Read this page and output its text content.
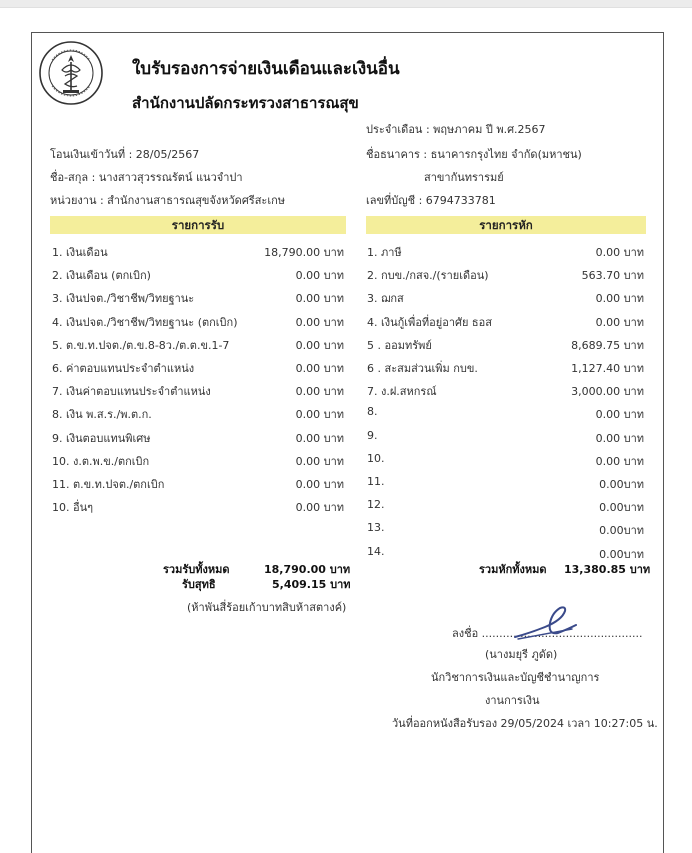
ใบรับรองการจ่ายเงินเดือนและเงินอื่น
สำนักงานปลัดกระทรวงสาธารณสุข
ประจำเดือน : พฤษภาคม ปี พ.ศ.2567
โอนเงินเข้าวันที่ : 28/05/2567	ชื่อธนาคาร : ธนาคารกรุงไทย จำกัด(มหาชน)
ชื่อ-สกุล : นางสาวสุวรรณรัตน์ แนวจำปา	สาขากันทรารมย์
หน่วยงาน : สำนักงานสาธารณสุขจังหวัดศรีสะเกษ	เลขที่บัญชี : 6794733781
รายการรับ	รายการหัก
1. เงินเดือน	18,790.00 บาท
2. เงินเดือน (ตกเบิก)	0.00 บาท
3. เงินปจต./วิชาชีพ/วิทยฐานะ	0.00 บาท
4. เงินปจต./วิชาชีพ/วิทยฐานะ (ตกเบิก)	0.00 บาท
5. ต.ข.ท.ปจต./ต.ข.8-8ว./ต.ต.ข.1-7	0.00 บาท
6. ค่าตอบแทนประจำตำแหน่ง	0.00 บาท
7. เงินค่าตอบแทนประจำตำแหน่ง	0.00 บาท
8. เงิน พ.ส.ร./พ.ต.ก.	0.00 บาท
9. เงินตอบแทนพิเศษ	0.00 บาท
10. ง.ต.พ.ข./ตกเบิก	0.00 บาท
11. ต.ข.ท.ปจต./ตกเบิก	0.00 บาท
10. อื่นๆ	0.00 บาท
1. ภาษี	0.00 บาท
2. กบข./กสจ./(รายเดือน)	563.70 บาท
3. ฌกส	0.00 บาท
4. เงินกู้เพื่อที่อยู่อาศัย ธอส	0.00 บาท
5 . ออมทรัพย์	8,689.75 บาท
6 . สะสมส่วนเพิ่ม กบข.	1,127.40 บาท
7. ง.ฝ.สหกรณ์	3,000.00 บาท
8.	0.00 บาท
9.	0.00 บาท
10.	0.00 บาท
11.	0.00บาท
12.	0.00บาท
13.	0.00บาท
14.	0.00บาท
รวมรับทั้งหมด	18,790.00 บาท
รับสุทธิ	5,409.15 บาท
(ห้าพันสี่ร้อยเก้าบาทสิบห้าสตางค์)
รวมหักทั้งหมด 13,380.85 บาท
ลงชื่อ ..............................................
(นางมยุรี ภูดัด)
นักวิชาการเงินและบัญชีชำนาญการ
งานการเงิน
วันที่ออกหนังสือรับรอง 29/05/2024 เวลา 10:27:05 น.
